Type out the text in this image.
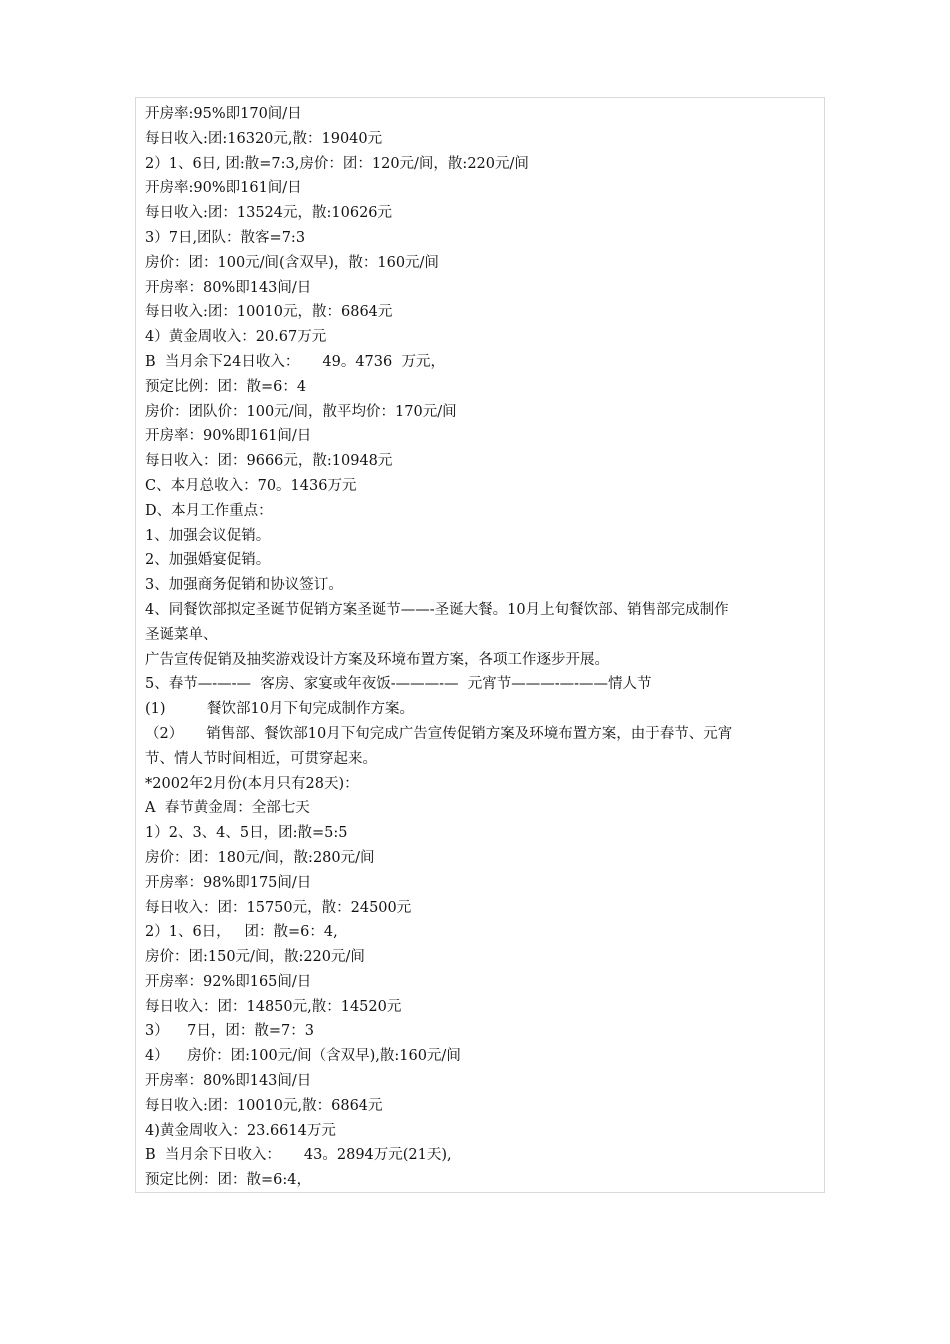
开房率:95%即170间/日
每日收入:团:16320元,散：19040元
2）1、6日, 团:散=7:3,房价：团：120元/间，散:220元/间
开房率:90%即161间/日
每日收入:团：13524元，散:10626元
3）7日,团队：散客=7:3
房价：团：100元/间(含双早)，散：160元/间
开房率：80%即143间/日
每日收入:团：10010元，散：6864元
4）黄金周收入：20.67万元
B  当月余下24日收入：     49。4736  万元，
预定比例：团：散=6：4
房价：团队价：100元/间，散平均价：170元/间
开房率：90%即161间/日
每日收入：团：9666元，散:10948元
C、本月总收入：70。1436万元
D、本月工作重点：
1、加强会议促销。
2、加强婚宴促销。
3、加强商务促销和协议签订。
4、同餐饮部拟定圣诞节促销方案圣诞节——-圣诞大餐。10月上旬餐饮部、销售部完成制作
圣诞菜单、
广告宣传促销及抽奖游戏设计方案及环境布置方案，各项工作逐步开展。
5、春节—-—-—  客房、家宴或年夜饭-———-—  元宵节———-—-——情人节
(1)         餐饮部10月下旬完成制作方案。
（2）     销售部、餐饮部10月下旬完成广告宣传促销方案及环境布置方案，由于春节、元宵
节、情人节时间相近，可贯穿起来。
*2002年2月份(本月只有28天)：
A  春节黄金周：全部七天
1）2、3、4、5日，团:散=5:5
房价：团：180元/间，散:280元/间
开房率：98%即175间/日
每日收入：团：15750元，散：24500元
2）1、6日，   团：散=6：4,
房价：团:150元/间，散:220元/间
开房率：92%即165间/日
每日收入：团：14850元,散：14520元
3）    7日，团：散=7：3
4）    房价：团:100元/间（含双早),散:160元/间
开房率：80%即143间/日
每日收入:团：10010元,散：6864元
4)黄金周收入：23.6614万元
B  当月余下日收入：     43。2894万元(21天),
预定比例：团：散=6:4，
